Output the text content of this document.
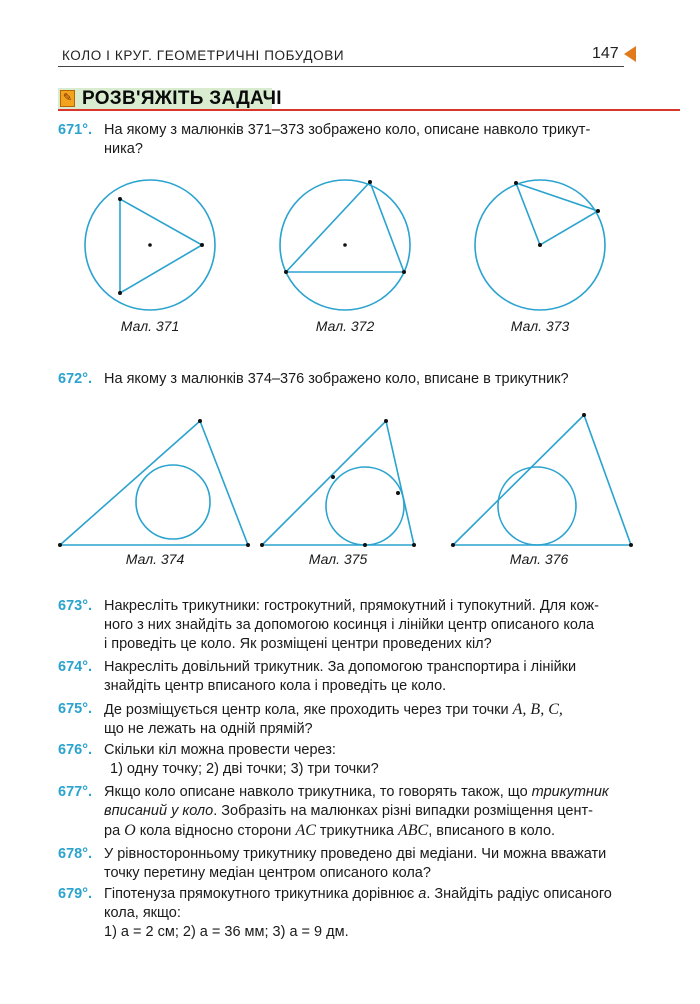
КОЛО І КРУГ. ГЕОМЕТРИЧНІ ПОБУДОВИ	147
✎ РОЗВ'ЯЖІТЬ ЗАДАЧІ
671°. На якому з малюнків 371–373 зображено коло, описане навколо трикут-
ника?
672°. На якому з малюнків 374–376 зображено коло, вписане в трикутник?
Мал. 371	Мал. 372	Мал. 373
Мал. 374	Мал. 375	Мал. 376
673°. Накресліть трикутники: гострокутний, прямокутний і тупокутний. Для кож-
ного з них знайдіть за допомогою косинця і лінійки центр описаного кола
і проведіть це коло. Як розміщені центри проведених кіл?
674°. Накресліть довільний трикутник. За допомогою транспортира і лінійки
знайдіть центр вписаного кола і проведіть це коло.
675°. Де розміщується центр кола, яке проходить через три точки A, B, C,
що не лежать на одній прямій?
676°. Скільки кіл можна провести через:
1) одну точку; 2) дві точки; 3) три точки?
677°. Якщо коло описане навколо трикутника, то говорять також, що трикутник
вписаний у коло. Зобразіть на малюнках різні випадки розміщення цент-
ра O кола відносно сторони AC трикутника ABC, вписаного в коло.
678°. У рівносторонньому трикутнику проведено дві медіани. Чи можна вважати
точку перетину медіан центром описаного кола?
679°. Гіпотенуза прямокутного трикутника дорівнює а. Знайдіть радіус описаного
кола, якщо:
1) а = 2 см; 2) а = 36 мм; 3) а = 9 дм.
